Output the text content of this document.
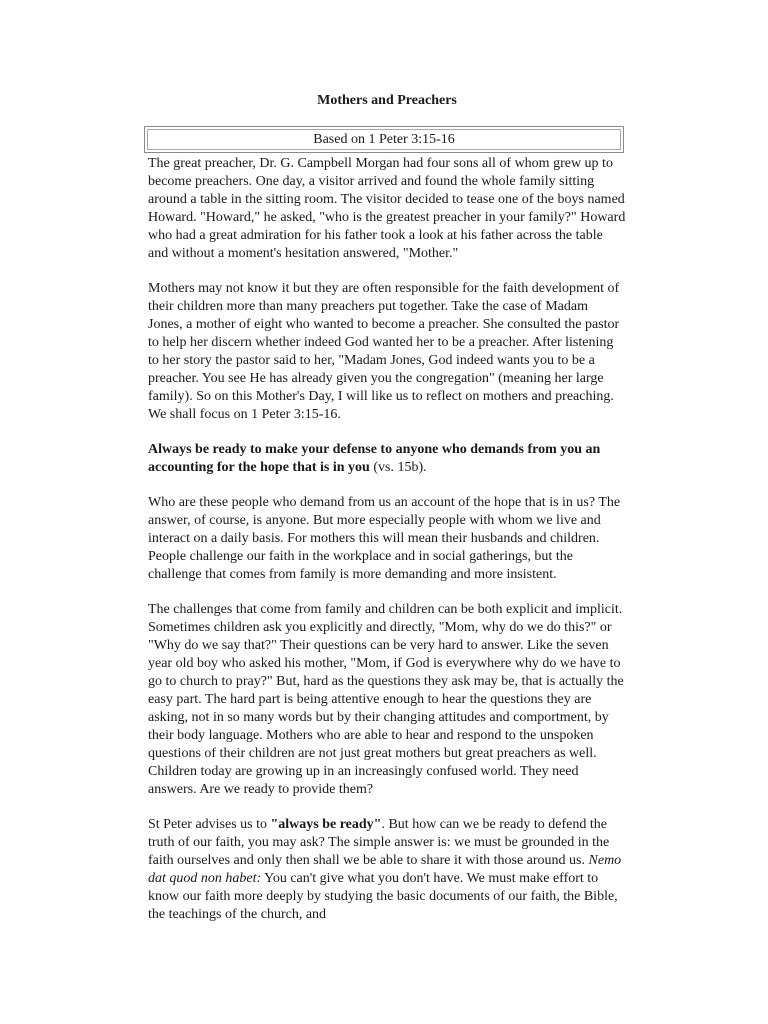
Mothers and Preachers
Based on 1 Peter 3:15-16

The great preacher, Dr. G. Campbell Morgan had four sons all of whom grew up to become preachers. One day, a visitor arrived and found the whole family sitting around a table in the sitting room. The visitor decided to tease one of the boys named Howard. "Howard," he asked, "who is the greatest preacher in your family?" Howard who had a great admiration for his father took a look at his father across the table and without a moment's hesitation answered, "Mother."

Mothers may not know it but they are often responsible for the faith development of their children more than many preachers put together. Take the case of Madam Jones, a mother of eight who wanted to become a preacher. She consulted the pastor to help her discern whether indeed God wanted her to be a preacher. After listening to her story the pastor said to her, "Madam Jones, God indeed wants you to be a preacher. You see He has already given you the congregation" (meaning her large family). So on this Mother's Day, I will like us to reflect on mothers and preaching. We shall focus on 1 Peter 3:15-16.

Always be ready to make your defense to anyone who demands from you an accounting for the hope that is in you (vs. 15b).

Who are these people who demand from us an account of the hope that is in us? The answer, of course, is anyone. But more especially people with whom we live and interact on a daily basis. For mothers this will mean their husbands and children. People challenge our faith in the workplace and in social gatherings, but the challenge that comes from family is more demanding and more insistent.

The challenges that come from family and children can be both explicit and implicit. Sometimes children ask you explicitly and directly, "Mom, why do we do this?" or "Why do we say that?" Their questions can be very hard to answer. Like the seven year old boy who asked his mother, "Mom, if God is everywhere why do we have to go to church to pray?" But, hard as the questions they ask may be, that is actually the easy part. The hard part is being attentive enough to hear the questions they are asking, not in so many words but by their changing attitudes and comportment, by their body language. Mothers who are able to hear and respond to the unspoken questions of their children are not just great mothers but great preachers as well. Children today are growing up in an increasingly confused world. They need answers. Are we ready to provide them?

St Peter advises us to "always be ready". But how can we be ready to defend the truth of our faith, you may ask? The simple answer is: we must be grounded in the faith ourselves and only then shall we be able to share it with those around us. Nemo dat quod non habet: You can't give what you don't have. We must make effort to know our faith more deeply by studying the basic documents of our faith, the Bible, the teachings of the church, and
